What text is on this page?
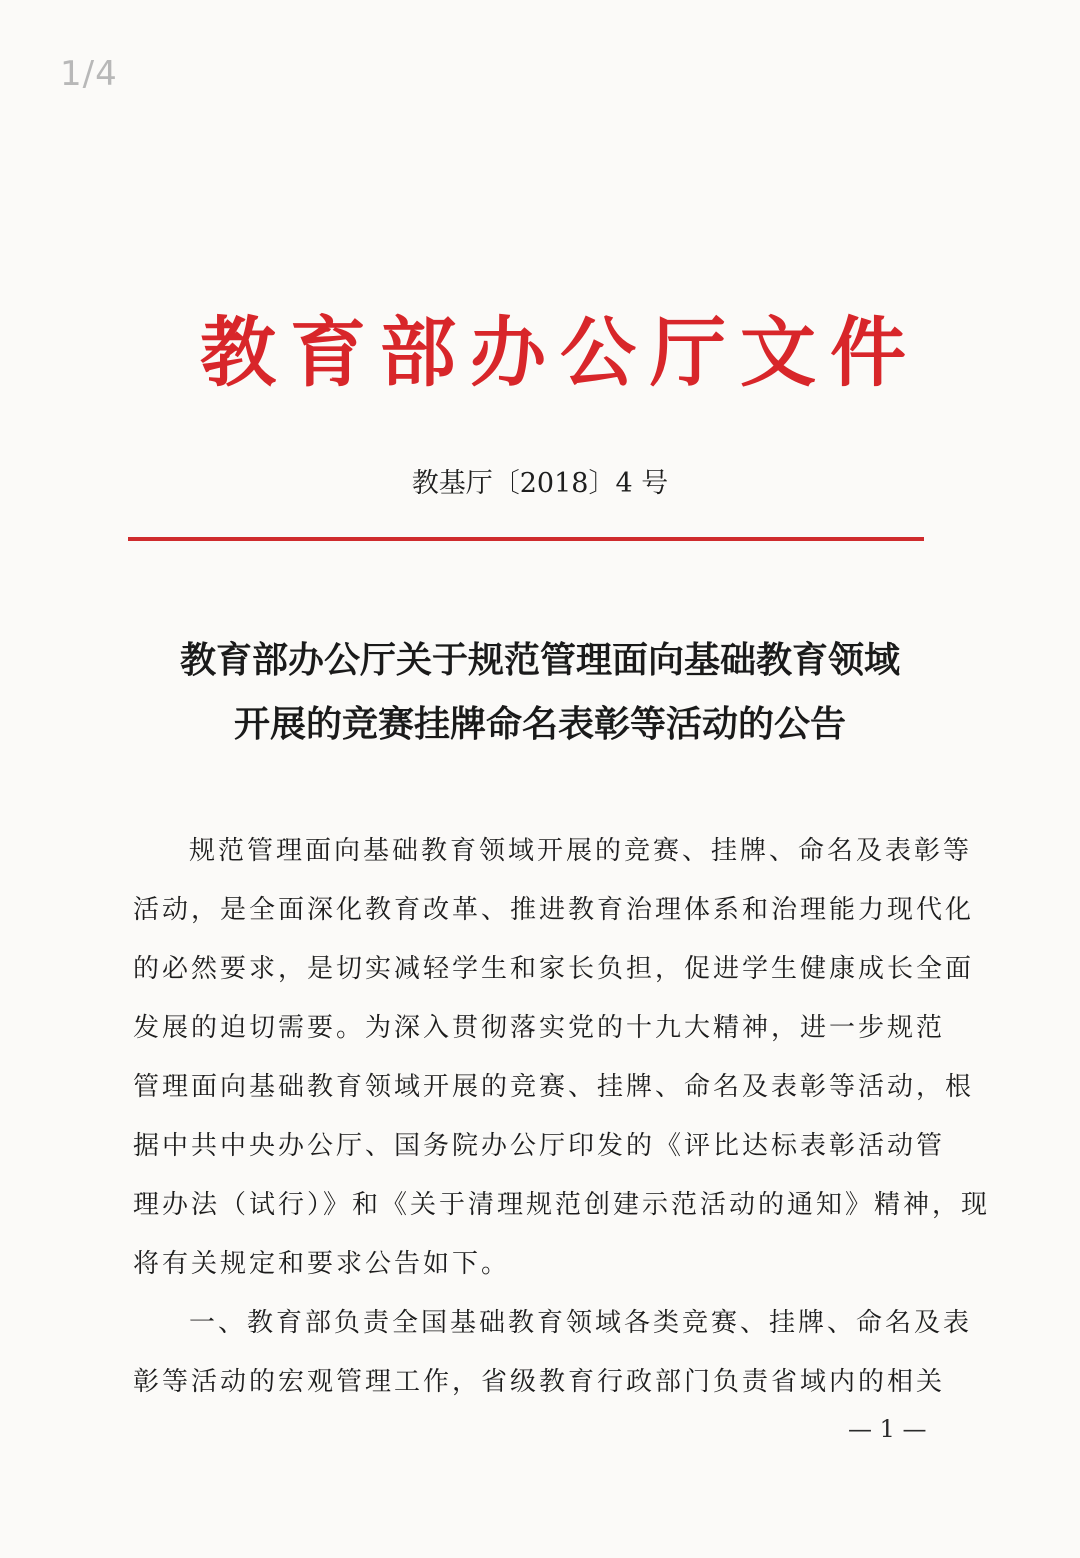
1/4
教育部办公厅文件
教基厅〔2018〕4 号
教育部办公厅关于规范管理面向基础教育领域
开展的竞赛挂牌命名表彰等活动的公告
规范管理面向基础教育领域开展的竞赛、挂牌、命名及表彰等
活动，是全面深化教育改革、推进教育治理体系和治理能力现代化
的必然要求，是切实减轻学生和家长负担，促进学生健康成长全面
发展的迫切需要。为深入贯彻落实党的十九大精神，进一步规范
管理面向基础教育领域开展的竞赛、挂牌、命名及表彰等活动，根
据中共中央办公厅、国务院办公厅印发的《评比达标表彰活动管
理办法（试行）》和《关于清理规范创建示范活动的通知》精神，现
将有关规定和要求公告如下。
一、教育部负责全国基础教育领域各类竞赛、挂牌、命名及表
彰等活动的宏观管理工作，省级教育行政部门负责省域内的相关
— 1 —
